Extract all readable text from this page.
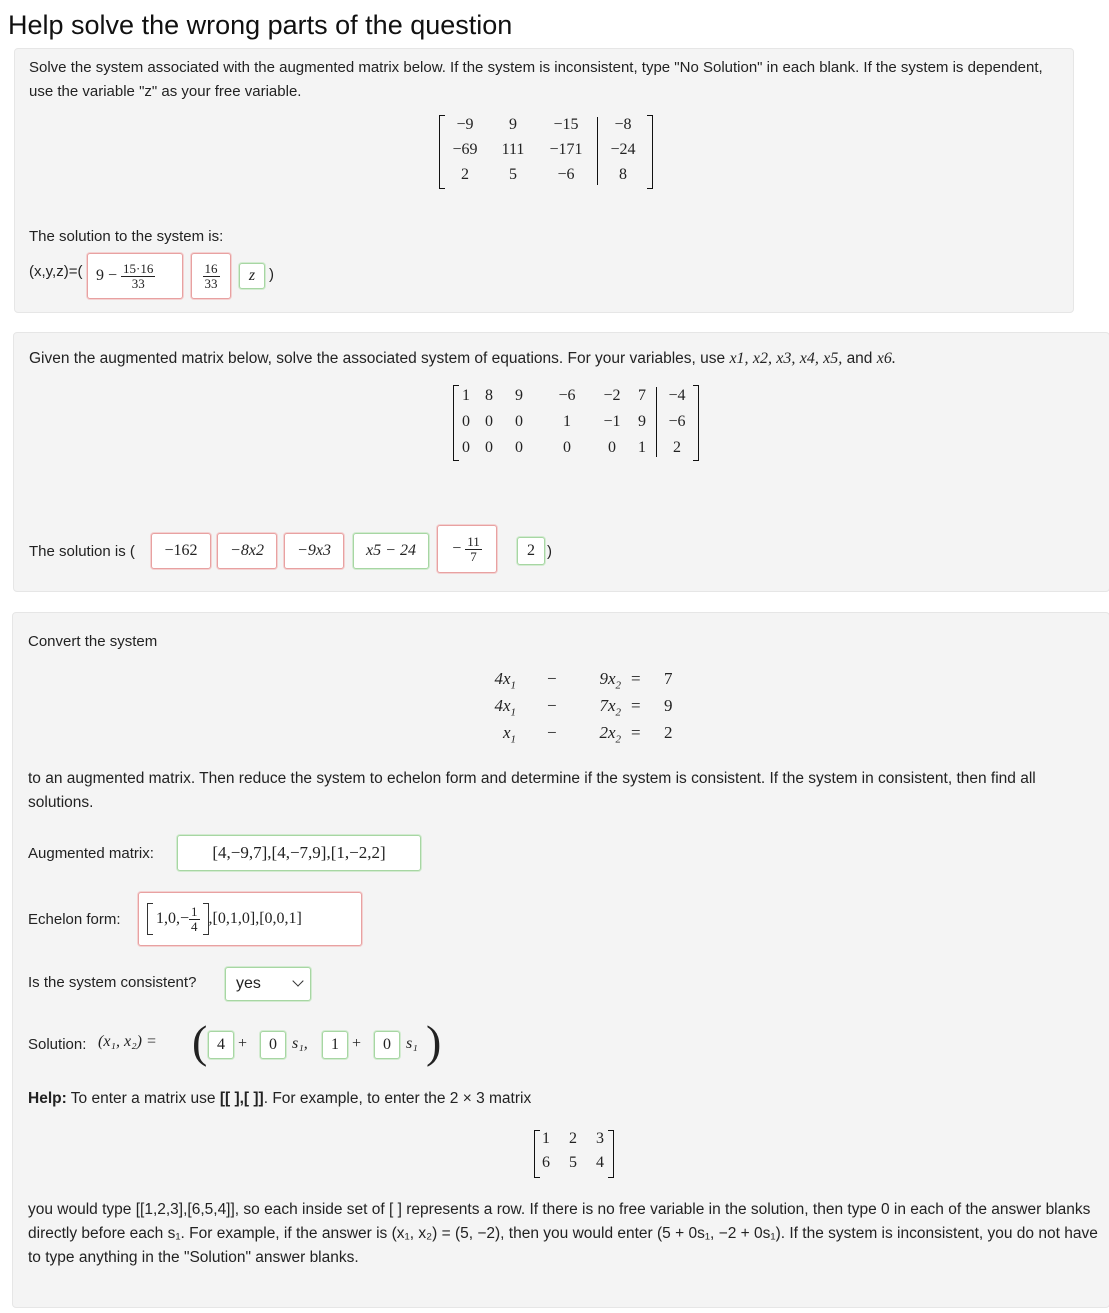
Help solve the wrong parts of the question
Solve the system associated with the augmented matrix below. If the system is inconsistent, type "No Solution" in each blank. If the system is dependent, use the variable "z" as your free variable.
−9	9	−15	−8
−69 111	−171	−24
2	5	−6	8
The solution to the system is:
(x,y,z)=( $9 - \frac{15\cdot 16}{33}$	$\frac{16}{33}$ z )
Given the augmented matrix below, solve the associated system of equations. For your variables, use x1, x2, x3, x4, x5, and x6.
1 8 9	−6	−2	7	−4
0 0 0	1	−1	9	−6
0 0 0	0	0	1	2
The solution is ( −162 −8x2 −9x3 $x5 - 24 - \frac{11}{7}$	2 )
Convert the system
$4x_1$ −	$9x_2 = 7$
$4x_1$ −	$7x_2 = 9$
$x_1$ −	$2x_2 = 2$
to an augmented matrix. Then reduce the system to echelon form and determine if the system is consistent. If the system in consistent, then find all solutions.
Augmented matrix:	[4,−9,7],[4,−7,9],[1,−2,2]
Echelon form: $1,0,- \frac{1}{4} ,[0,1,0],[0,0,1]$
Is the system consistent? yes
Solution: (x₁, x₂) = ( 4 + 0 s₁, 1 + 0 s₁ )
Help: To enter a matrix use [[ ],[ ]]. For example, to enter the 2 × 3 matrix
1 2 3
6 5 4
you would type [[1,2,3],[6,5,4]], so each inside set of [ ] represents a row. If there is no free variable in the solution, then type 0 in each of the answer blanks directly before each s₁. For example, if the answer is (x₁, x₂) = (5, −2), then you would enter (5 + 0s₁, −2 + 0s₁). If the system is inconsistent, you do not have to type anything in the "Solution" answer blanks.
